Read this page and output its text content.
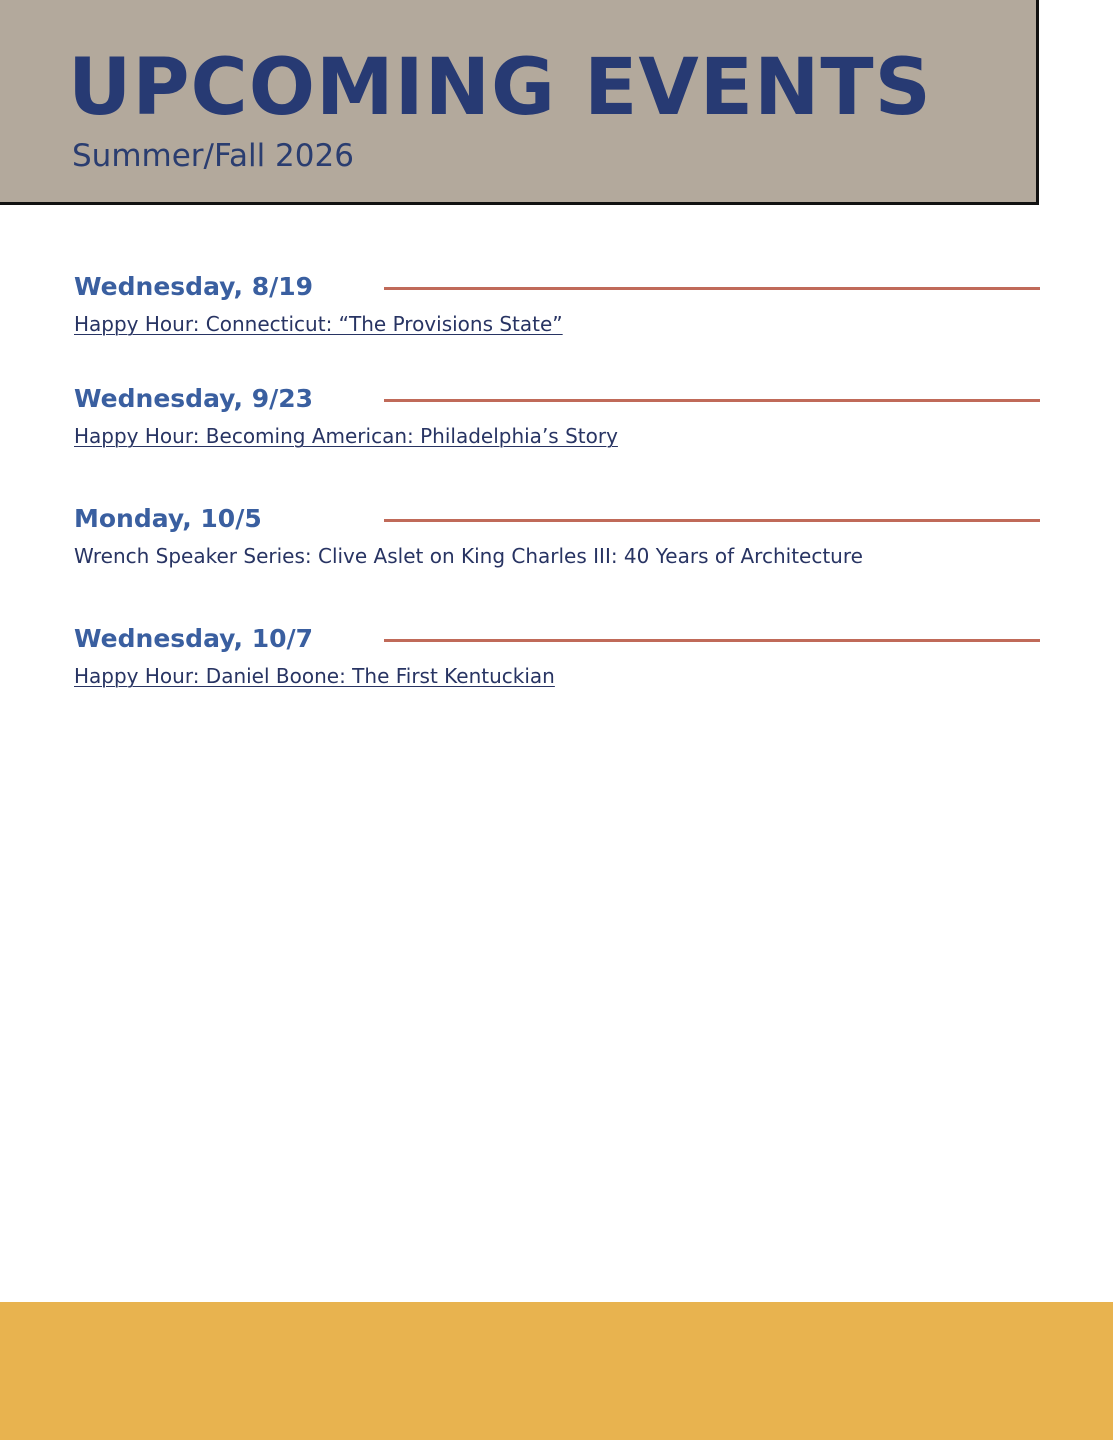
UPCOMING EVENTS

Summer/Fall 2026

Wednesday, 8/19
Happy Hour: Connecticut: “The Provisions State”
Wednesday, 9/23
Happy Hour: Becoming American: Philadelphia’s Story
Monday, 10/5
Wrench Speaker Series: Clive Aslet on King Charles III: 40 Years of Architecture
Wednesday, 10/7
Happy Hour: Daniel Boone: The First Kentuckian
